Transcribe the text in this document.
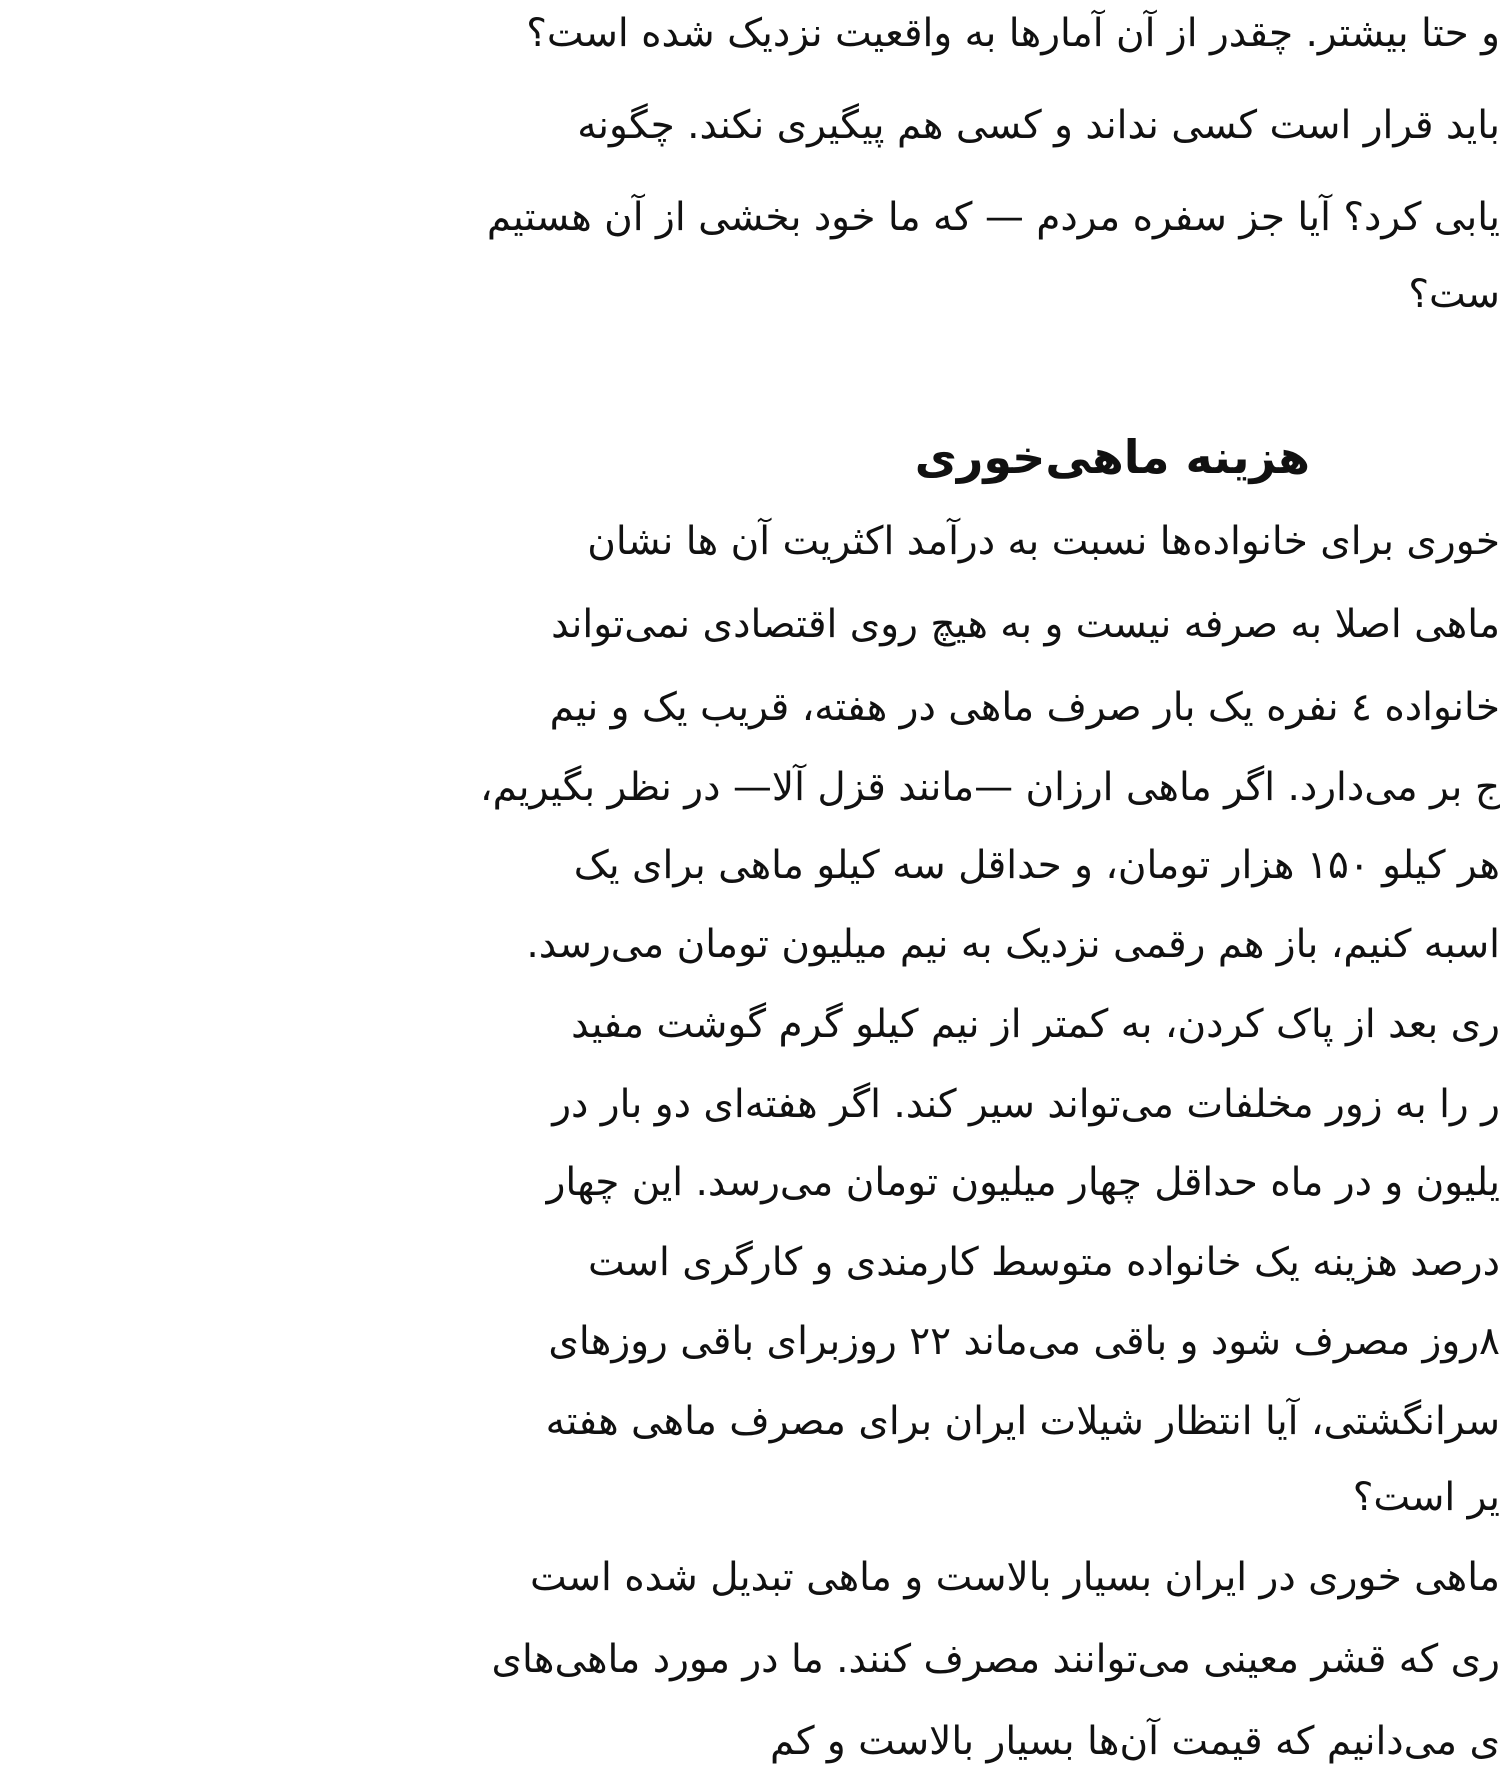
و حتا بیشتر. چقدر از آن آمارها به واقعیت نزدیک شده است؟
باید قرار است کسی نداند و کسی هم پیگیری نکند. چگونه
یابی کرد؟ آیا جز سفره مردم — که ما خود بخشی از آن هستیم
ست؟
هزینه ماهی‌خوری
خوری برای خانواده‌ها نسبت به درآمد اکثریت آن ها نشان
ماهی اصلا به صرفه نیست و به هیچ روی اقتصادی نمی‌تواند
خانواده ٤ نفره یک بار صرف ماهی در هفته، قریب یک و نیم
ج بر می‌دارد. اگر ماهی ارزان —مانند قزل آلا— در نظر بگیریم،
هر کیلو ۱۵۰ هزار تومان، و حداقل سه کیلو ماهی برای یک
اسبه کنیم، باز هم رقمی نزدیک به نیم میلیون تومان می‌رسد.
ری بعد از پاک کردن، به کمتر از نیم کیلو گرم گوشت مفید
ر را به زور مخلفات می‌تواند سیر کند. اگر هفته‌ای دو بار در
یلیون و در ماه حداقل چهار میلیون تومان می‌رسد. این چهار
درصد هزینه یک خانواده متوسط کارمندی و کارگری است
۸روز مصرف شود و باقی می‌ماند ۲۲ روزبرای باقی روزهای
سرانگشتی، آیا انتظار شیلات ایران برای مصرف ماهی هفته
یر است؟
ماهی خوری در ایران بسیار بالاست و ماهی تبدیل شده است
ری که قشر معینی می‌توانند مصرف کنند. ما در مورد ماهی‌های
ی می‌دانیم که قیمت آن‌ها بسیار بالاست و کم
